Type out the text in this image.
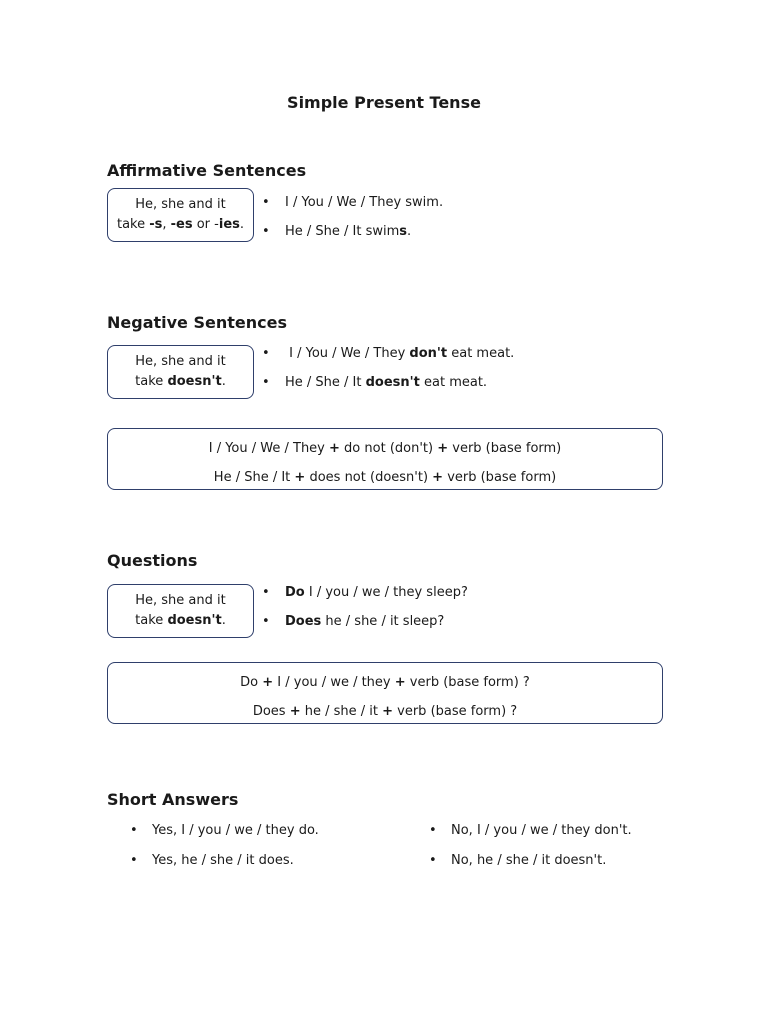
Simple Present Tense
Affirmative Sentences
He, she and it
take -s, -es or -ies.
• I / You / We / They swim.
• He / She / It swims.
Negative Sentences
He, she and it
take doesn't.
• I / You / We / They don't eat meat.
• He / She / It doesn't eat meat.
I / You / We / They + do not (don't) + verb (base form)
He / She / It + does not (doesn't) + verb (base form)
Questions
He, she and it
take doesn't.
• Do I / you / we / they sleep?
• Does he / she / it sleep?
Do + I / you / we / they + verb (base form) ?
Does + he / she / it + verb (base form) ?
Short Answers
• Yes, I / you / we / they do.
• Yes, he / she / it does.
• No, I / you / we / they don't.
• No, he / she / it doesn't.
